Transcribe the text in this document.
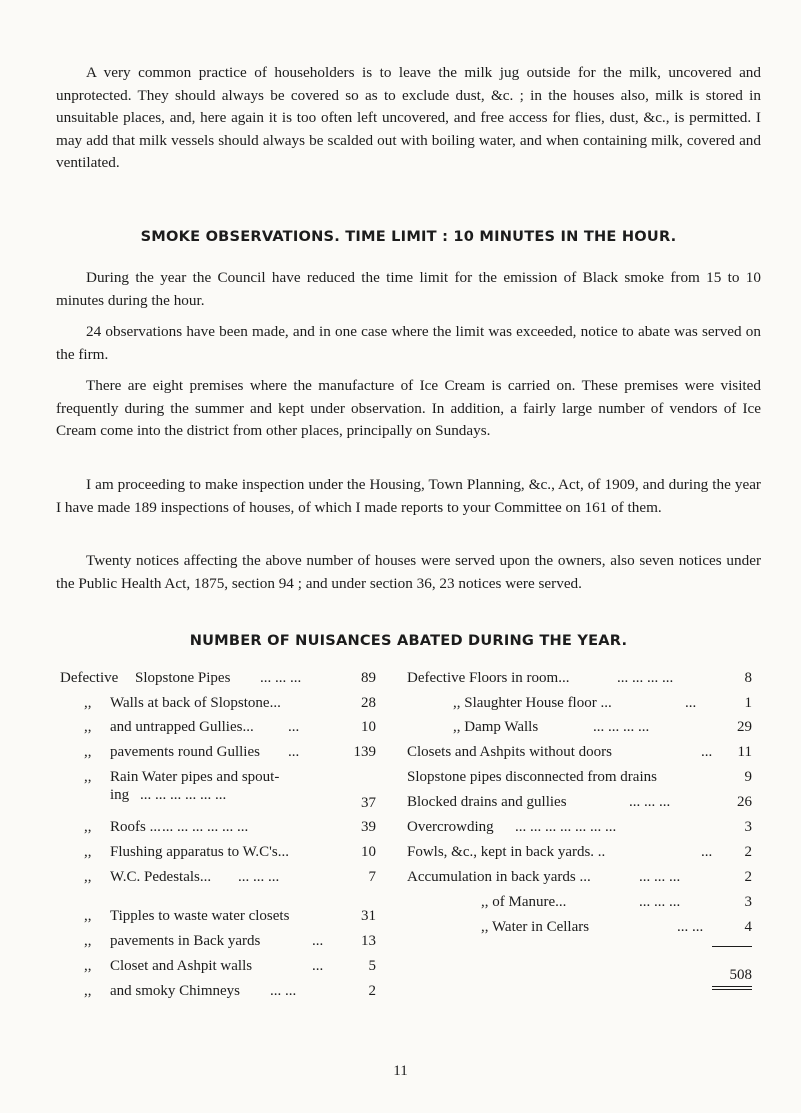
A very common practice of householders is to leave the milk jug outside for the milk, uncovered and unprotected. They should always be covered so as to exclude dust, &c. ; in the houses also, milk is stored in unsuitable places, and, here again it is too often left uncovered, and free access for flies, dust, &c., is permitted. I may add that milk vessels should always be scalded out with boiling water, and when containing milk, covered and ventilated.

SMOKE OBSERVATIONS. TIME LIMIT : 10 MINUTES IN THE HOUR.

During the year the Council have reduced the time limit for the emission of Black smoke from 15 to 10 minutes during the hour.

24 observations have been made, and in one case where the limit was exceeded, notice to abate was served on the firm.

There are eight premises where the manufacture of Ice Cream is carried on. These premises were visited frequently during the summer and kept under observation. In addition, a fairly large number of vendors of Ice Cream come into the district from other places, principally on Sundays.

I am proceeding to make inspection under the Housing, Town Planning, &c., Act, of 1909, and during the year I have made 189 inspections of houses, of which I made reports to your Committee on 161 of them.

Twenty notices affecting the above number of houses were served upon the owners, also seven notices under the Public Health Act, 1875, section 94 ; and under section 36, 23 notices were served.

NUMBER OF NUISANCES ABATED DURING THE YEAR.
Defective Slopstone Pipes ... ... ...	89
,, Walls at back of Slopstone...	28
,, and untrapped Gullies... ...	10
,, pavements round Gullies ...	139
,, Rain Water pipes and spout-
ing ... ... ... ... ... ...	37
,, Roofs ... ... ... ... ... ... ...	39
,, Flushing apparatus to W.C's...	10
,, W.C. Pedestals... ... ... ...	7
,, Tipples to waste water closets	31
,, pavements in Back yards	...	13
,, Closet and Ashpit walls	...	5
,, and smoky Chimneys ... ...	2
Defective Floors in room...	... ... ... ...	8
,, Slaughter House floor ...	...	1
,, Damp Walls	... ... ... ...	29
Closets and Ashpits without doors	... 11
Slopstone pipes disconnected from drains	9
Blocked drains and gullies	... ... ...	26
Overcrowding ... ... ... ... ... ... ...	3
Fowls, &c., kept in back yards. ..	... 2
Accumulation in back yards ...	... ... ...	2
,, of Manure...	... ... ...	3
,, Water in Cellars	... ...	4
508
11
